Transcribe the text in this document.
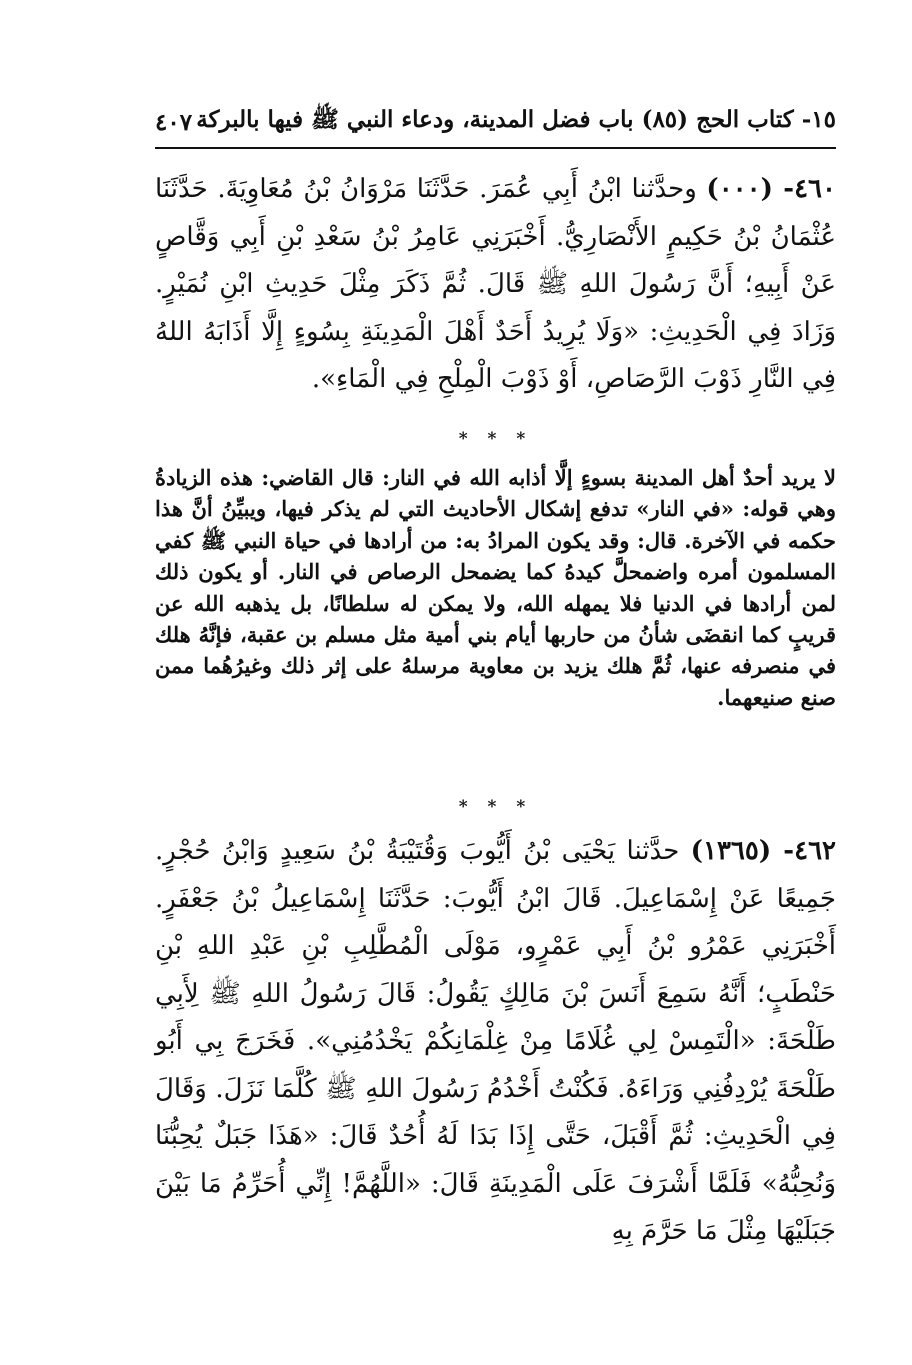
١٥- كتاب الحج (٨٥) باب فضل المدينة، ودعاء النبي ﷺ فيها بالبركة
٤٠٧
٤٦٠- (٠٠٠) وحدَّثنا ابْنُ أَبِي عُمَرَ. حَدَّثَنَا مَرْوَانُ بْنُ مُعَاوِيَةَ. حَدَّثَنَا عُثْمَانُ بْنُ حَكِيمٍ الأَنْصَارِيُّ. أَخْبَرَنِي عَامِرُ بْنُ سَعْدِ بْنِ أَبِي وَقَّاصٍ عَنْ أَبِيهِ؛ أَنَّ رَسُولَ اللهِ ﷺ قَالَ. ثُمَّ ذَكَرَ مِثْلَ حَدِيثِ ابْنِ نُمَيْرٍ. وَزَادَ فِي الْحَدِيثِ: «وَلَا يُرِيدُ أَحَدٌ أَهْلَ الْمَدِينَةِ بِسُوءٍ إِلَّا أَذَابَهُ اللهُ فِي النَّارِ ذَوْبَ الرَّصَاصِ، أَوْ ذَوْبَ الْمِلْحِ فِي الْمَاءِ».
* * *
لا يريد أحدٌ أهل المدينة بسوءٍ إلَّا أذابه الله في النار: قال القاضي: هذه الزيادةُ وهي قوله: «في النار» تدفع إشكال الأحاديث التي لم يذكر فيها، ويبيِّنُ أنَّ هذا حكمه في الآخرة. قال: وقد يكون المرادُ به: من أرادها في حياة النبي ﷺ كفي المسلمون أمره واضمحلَّ كيدهُ كما يضمحل الرصاص في النار. أو يكون ذلك لمن أرادها في الدنيا فلا يمهله الله، ولا يمكن له سلطانًا، بل يذهبه الله عن قريبٍ كما انقضَى شأنُ من حاربها أيام بني أمية مثل مسلم بن عقبة، فإنَّهُ هلك في منصرفه عنها، ثُمَّ هلك يزيد بن معاوية مرسلهُ على إثر ذلك وغيرُهُما ممن صنع صنيعهما.
* * *
٤٦٢- (١٣٦٥) حدَّثنا يَحْيَى بْنُ أَيُّوبَ وَقُتَيْبَةُ بْنُ سَعِيدٍ وَابْنُ حُجْرٍ. جَمِيعًا عَنْ إِسْمَاعِيلَ. قَالَ ابْنُ أَيُّوبَ: حَدَّثَنَا إِسْمَاعِيلُ بْنُ جَعْفَرٍ. أَخْبَرَنِي عَمْرُو بْنُ أَبِي عَمْرٍو، مَوْلَى الْمُطَّلِبِ بْنِ عَبْدِ اللهِ بْنِ حَنْطَبٍ؛ أَنَّهُ سَمِعَ أَنَسَ بْنَ مَالِكٍ يَقُولُ: قَالَ رَسُولُ اللهِ ﷺ لِأَبِي طَلْحَةَ: «الْتَمِسْ لِي غُلَامًا مِنْ غِلْمَانِكُمْ يَخْدُمُنِي». فَخَرَجَ بِي أَبُو طَلْحَةَ يُرْدِفُنِي وَرَاءَهُ. فَكُنْتُ أَخْدُمُ رَسُولَ اللهِ ﷺ كُلَّمَا نَزَلَ. وَقَالَ فِي الْحَدِيثِ: ثُمَّ أَقْبَلَ، حَتَّى إِذَا بَدَا لَهُ أُحُدٌ قَالَ: «هَذَا جَبَلٌ يُحِبُّنَا وَنُحِبُّهُ» فَلَمَّا أَشْرَفَ عَلَى الْمَدِينَةِ قَالَ: «اللَّهُمَّ! إِنِّي أُحَرِّمُ مَا بَيْنَ جَبَلَيْهَا مِثْلَ مَا حَرَّمَ بِهِ
